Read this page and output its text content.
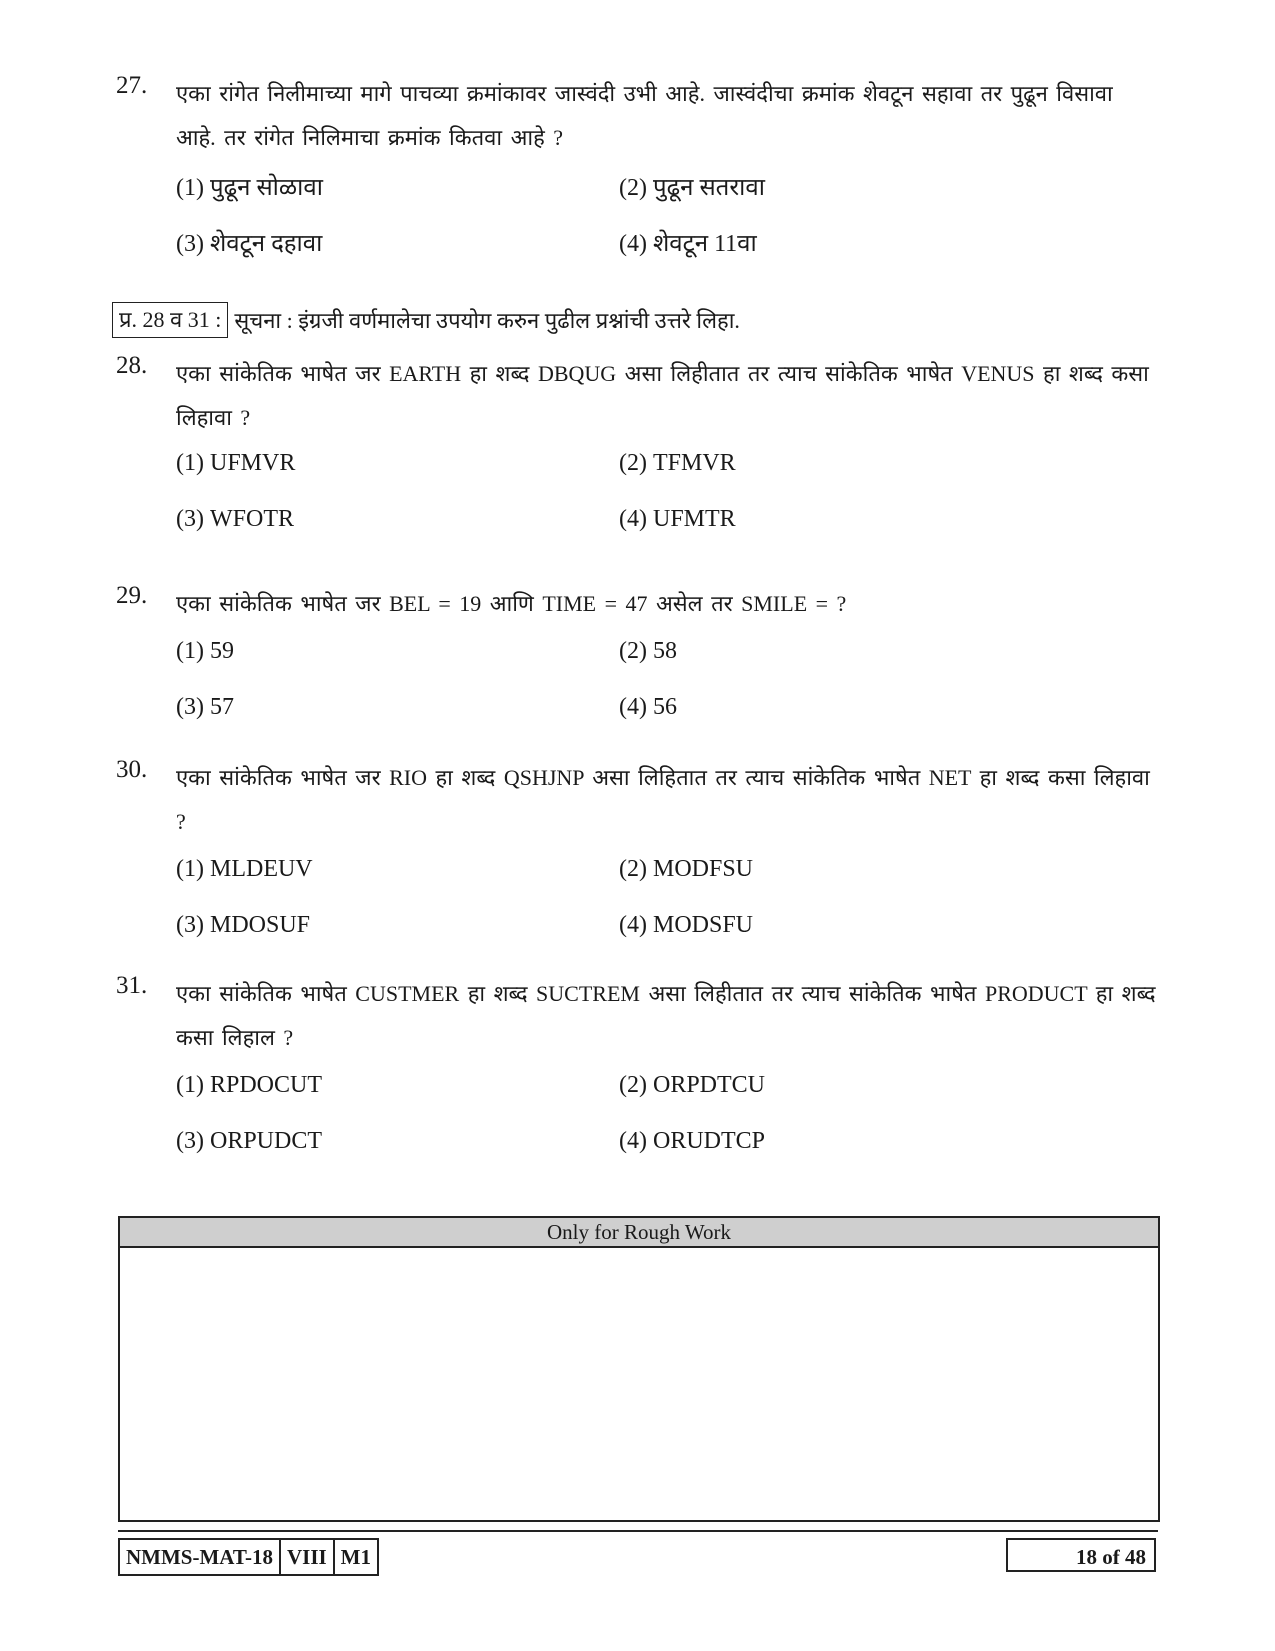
27. एका रांगेत निलीमाच्या मागे पाचव्या क्रमांकावर जास्वंदी उभी आहे. जास्वंदीचा क्रमांक शेवटून सहावा तर पुढून विसावा आहे. तर रांगेत निलिमाचा क्रमांक कितवा आहे ?
(1) पुढून सोळावा	(2) पुढून सतरावा
(3) शेवटून दहावा	(4) शेवटून 11वा
प्र. 28 व 31 : सूचना : इंग्रजी वर्णमालेचा उपयोग करुन पुढील प्रश्नांची उत्तरे लिहा.
28. एका सांकेतिक भाषेत जर EARTH हा शब्द DBQUG असा लिहीतात तर त्याच सांकेतिक भाषेत VENUS हा शब्द कसा लिहावा ?
(1) UFMVR	(2) TFMVR
(3) WFOTR	(4) UFMTR
29. एका सांकेतिक भाषेत जर BEL = 19 आणि TIME = 47 असेल तर SMILE = ?
(1) 59	(2) 58
(3) 57	(4) 56
30. एका सांकेतिक भाषेत जर RIO हा शब्द QSHJNP असा लिहितात तर त्याच सांकेतिक भाषेत NET हा शब्द कसा लिहावा ?
(1) MLDEUV	(2) MODFSU
(3) MDOSUF	(4) MODSFU
31. एका सांकेतिक भाषेत CUSTMER हा शब्द SUCTREM असा लिहीतात तर त्याच सांकेतिक भाषेत PRODUCT हा शब्द कसा लिहाल ?
(1) RPDOCUT	(2) ORPDTCU
(3) ORPUDCT	(4) ORUDTCP
Only for Rough Work
NMMS-MAT-18 VIII M1	18 of 48
